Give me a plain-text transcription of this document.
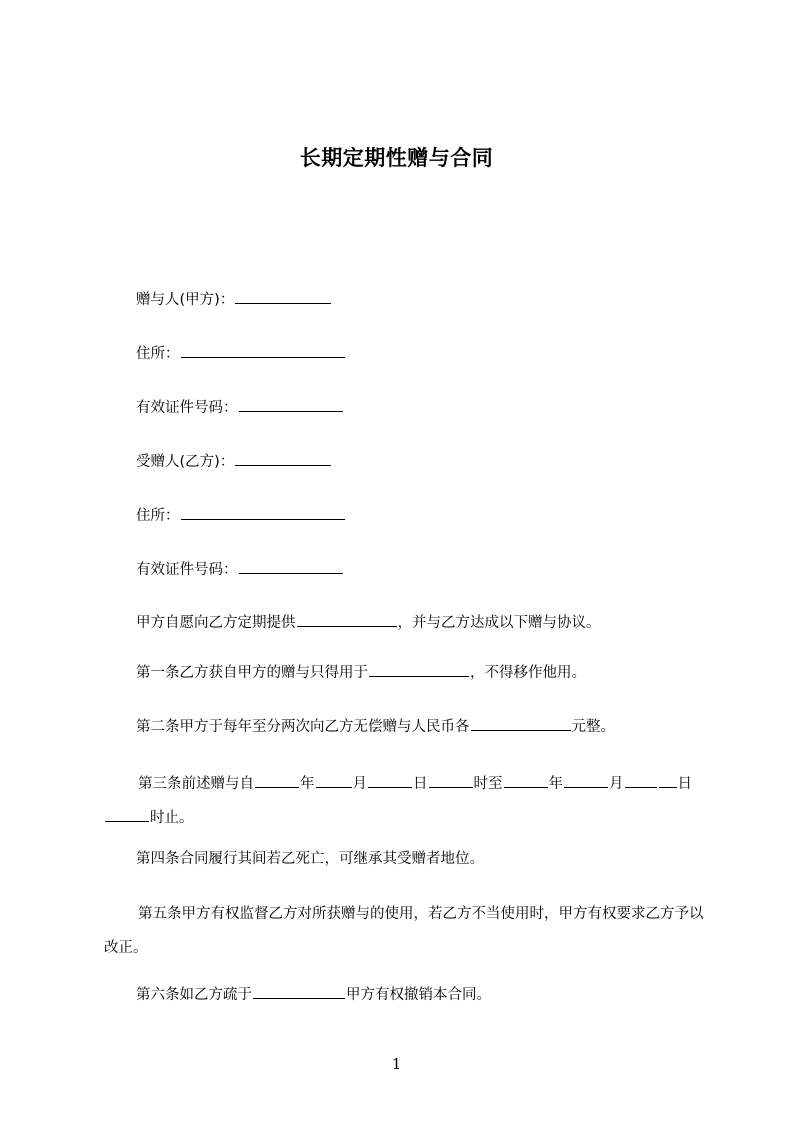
长期定期性赠与合同
赠与人(甲方)：
住所：
有效证件号码：
受赠人(乙方)：
住所：
有效证件号码：
甲方自愿向乙方定期提供	，并与乙方达成以下赠与协议。
第一条乙方获自甲方的赠与只得用于	，不得移作他用。
第二条甲方于每年至分两次向乙方无偿赠与人民币各	元整。
第三条前述赠与自	年	月	日	时至	年	月	日时止。
第四条合同履行其间若乙死亡，可继承其受赠者地位。
第五条甲方有权监督乙方对所获赠与的使用，若乙方不当使用时，甲方有权要求乙方予以改正。
第六条如乙方疏于	甲方有权撤销本合同。
1
